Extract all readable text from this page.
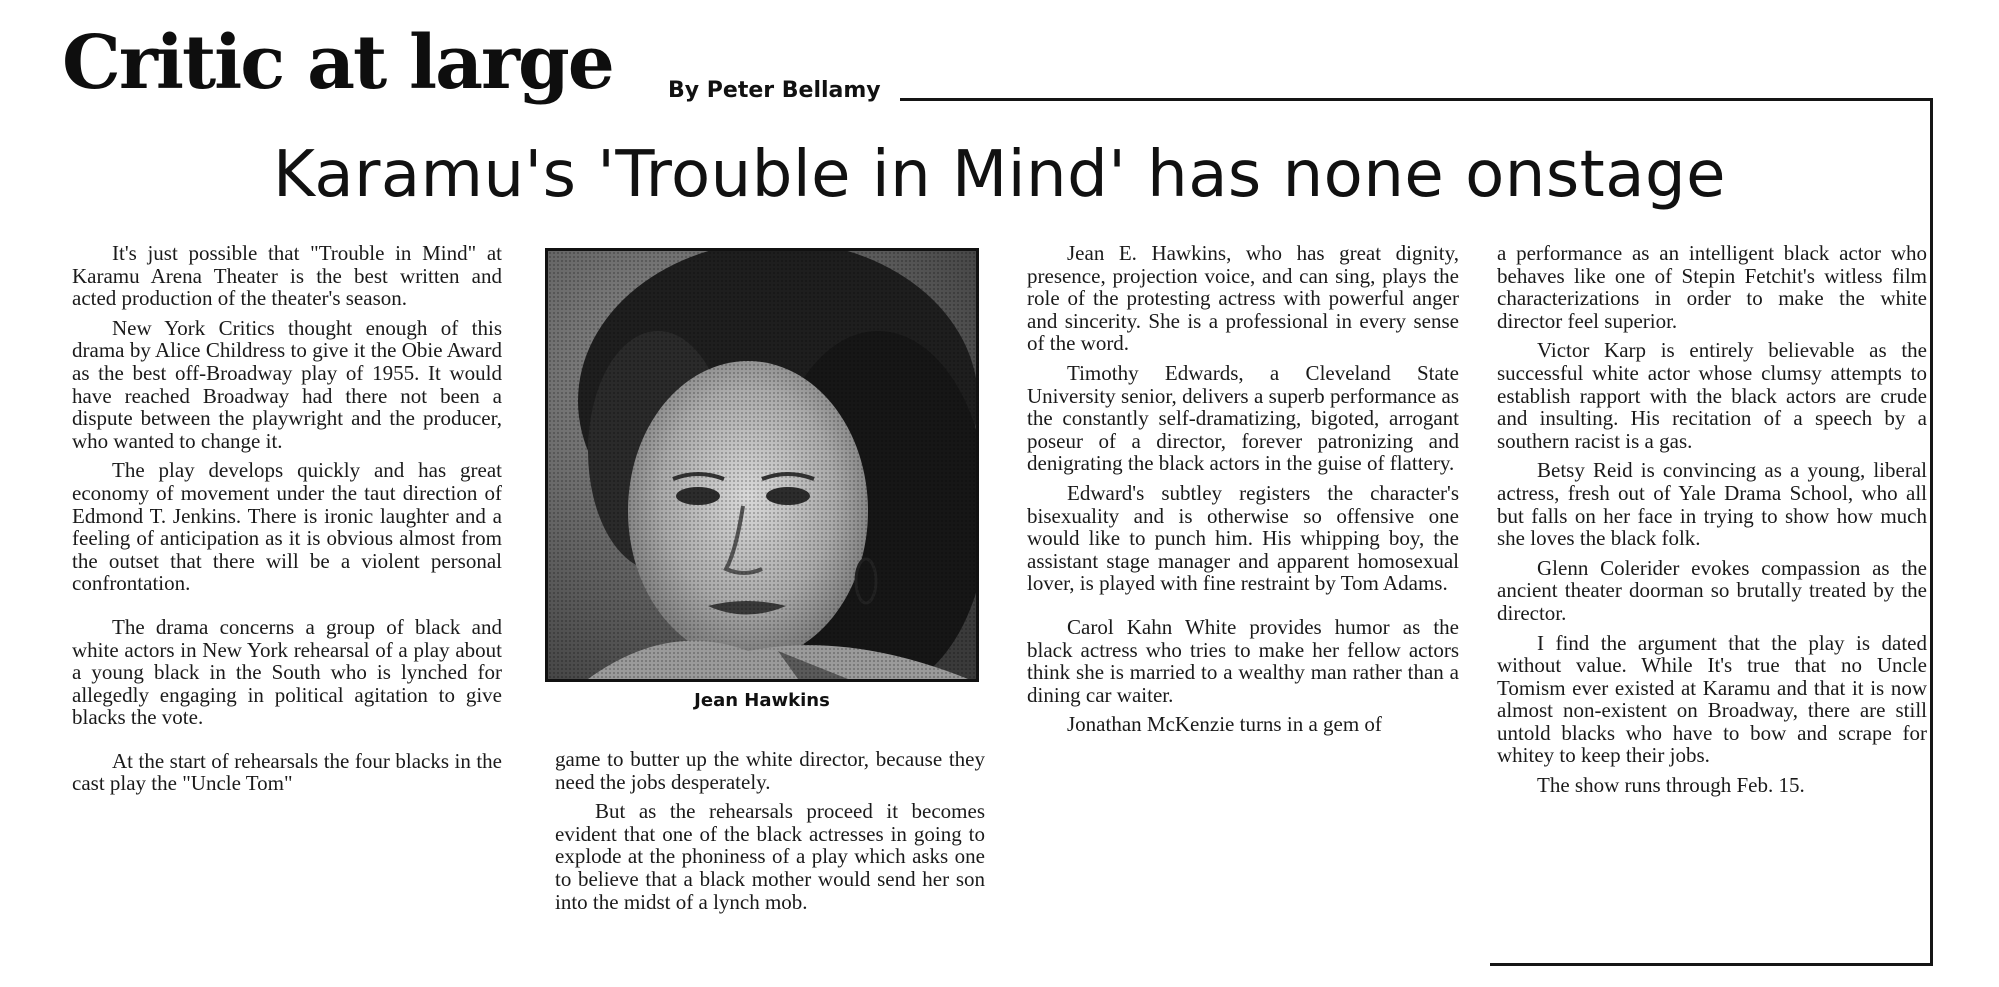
Critic at large	By Peter Bellamy
Karamu's 'Trouble in Mind' has none onstage

It's just possible that "Trouble in Mind" at Karamu Arena Theater is the best written and acted production of the theater's season.

New York Critics thought enough of this drama by Alice Childress to give it the Obie Award as the best off-Broadway play of 1955. It would have reached Broadway had there not been a dispute between the playwright and the producer, who wanted to change it.

The play develops quickly and has great economy of movement under the taut direction of Edmond T. Jenkins. There is ironic laughter and a feeling of anticipation as it is obvious almost from the outset that there will be a violent personal confrontation.

The drama concerns a group of black and white actors in New York rehearsal of a play about a young black in the South who is lynched for allegedly engaging in political agitation to give blacks the vote.

At the start of rehearsals the four blacks in the cast play the "Uncle Tom"

Jean Hawkins

game to butter up the white director, because they need the jobs desperately.

But as the rehearsals proceed it becomes evident that one of the black actresses in going to explode at the phoniness of a play which asks one to believe that a black mother would send her son into the midst of a lynch mob.

Jean E. Hawkins, who has great dignity, presence, projection voice, and can sing, plays the role of the protesting actress with powerful anger and sincerity. She is a professional in every sense of the word.

Timothy Edwards, a Cleveland State University senior, delivers a superb performance as the constantly self-dramatizing, bigoted, arrogant poseur of a director, forever patronizing and denigrating the black actors in the guise of flattery.

Edward's subtley registers the character's bisexuality and is otherwise so offensive one would like to punch him. His whipping boy, the assistant stage manager and apparent homosexual lover, is played with fine restraint by Tom Adams.

Carol Kahn White provides humor as the black actress who tries to make her fellow actors think she is married to a wealthy man rather than a dining car waiter.

Jonathan McKenzie turns in a gem of

a performance as an intelligent black actor who behaves like one of Stepin Fetchit's witless film characterizations in order to make the white director feel superior.

Victor Karp is entirely believable as the successful white actor whose clumsy attempts to establish rapport with the black actors are crude and insulting. His recitation of a speech by a southern racist is a gas.

Betsy Reid is convincing as a young, liberal actress, fresh out of Yale Drama School, who all but falls on her face in trying to show how much she loves the black folk.

Glenn Colerider evokes compassion as the ancient theater doorman so brutally treated by the director.

I find the argument that the play is dated without value. While It's true that no Uncle Tomism ever existed at Karamu and that it is now almost non-existent on Broadway, there are still untold blacks who have to bow and scrape for whitey to keep their jobs.

The show runs through Feb. 15.
